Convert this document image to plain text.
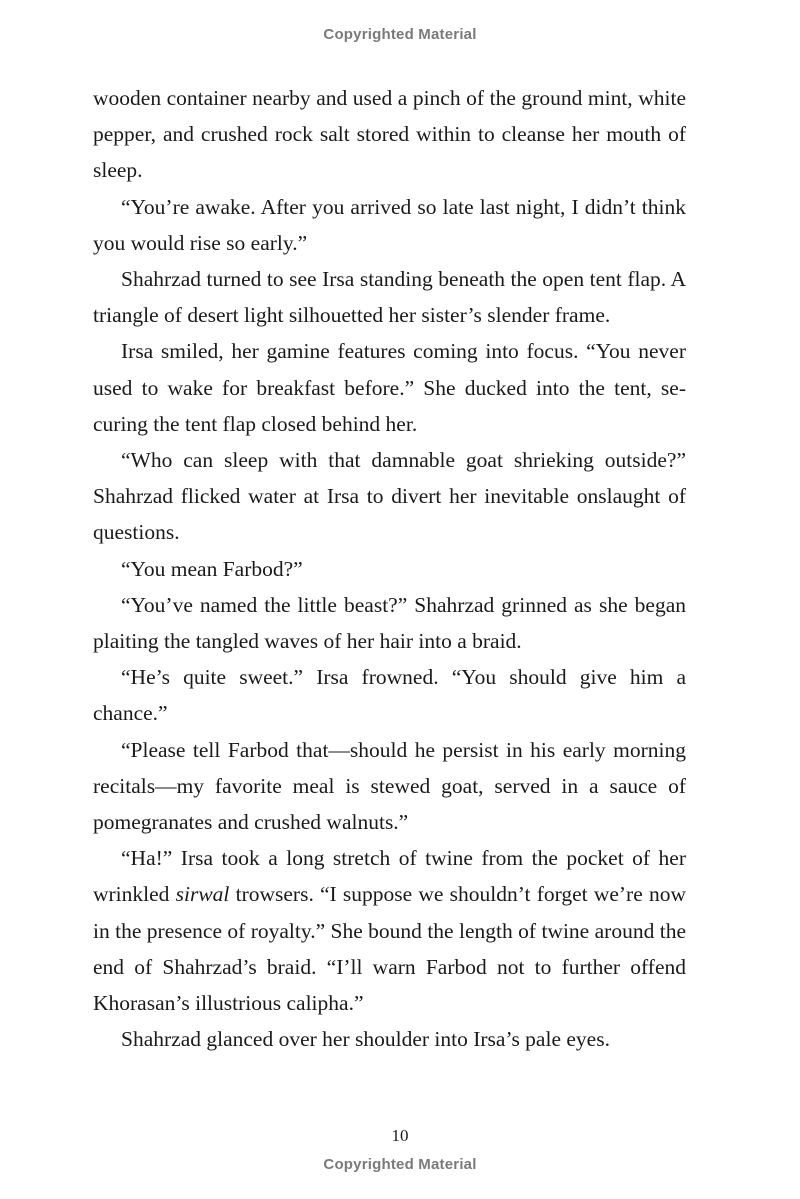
Copyrighted Material

wooden container nearby and used a pinch of the ground mint, white pepper, and crushed rock salt stored within to cleanse her mouth of sleep.

“You’re awake. After you arrived so late last night, I didn’t think you would rise so early.”

Shahrzad turned to see Irsa standing beneath the open tent flap. A triangle of desert light silhouetted her sister’s slender frame.

Irsa smiled, her gamine features coming into focus. “You never used to wake for breakfast before.” She ducked into the tent, securing the tent flap closed behind her.

“Who can sleep with that damnable goat shrieking outside?” Shahrzad flicked water at Irsa to divert her inevitable onslaught of questions.

“You mean Farbod?”

“You’ve named the little beast?” Shahrzad grinned as she began plaiting the tangled waves of her hair into a braid.

“He’s quite sweet.” Irsa frowned. “You should give him a chance.”

“Please tell Farbod that—should he persist in his early morning recitals—my favorite meal is stewed goat, served in a sauce of pomegranates and crushed walnuts.”

“Ha!” Irsa took a long stretch of twine from the pocket of her wrinkled sirwal trowsers. “I suppose we shouldn’t forget we’re now in the presence of royalty.” She bound the length of twine around the end of Shahrzad’s braid. “I’ll warn Farbod not to further offend Khorasan’s illustrious calipha.”

Shahrzad glanced over her shoulder into Irsa’s pale eyes.

10
Copyrighted Material
